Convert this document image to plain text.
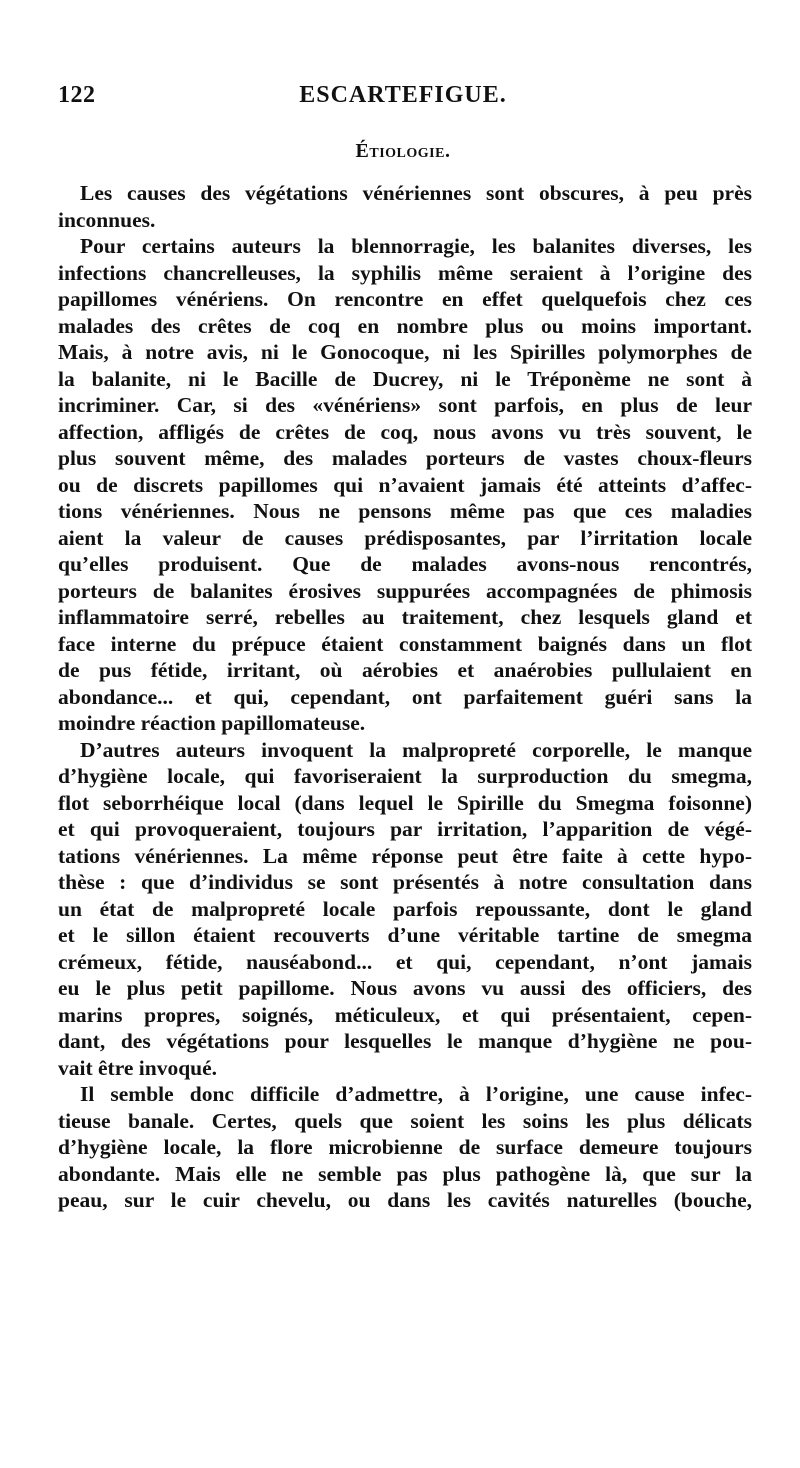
122	ESCARTEFIGUE.
Étiologie.
Les causes des végétations vénériennes sont obscures, à peu près
inconnues.
Pour certains auteurs la blennorragie, les balanites diverses, les
infections chancrelleuses, la syphilis même seraient à l’origine des
papillomes vénériens. On rencontre en effet quelquefois chez ces
malades des crêtes de coq en nombre plus ou moins important.
Mais, à notre avis, ni le Gonocoque, ni les Spirilles polymorphes de
la balanite, ni le Bacille de Ducrey, ni le Tréponème ne sont à
incriminer. Car, si des «vénériens» sont parfois, en plus de leur
affection, affligés de crêtes de coq, nous avons vu très souvent, le
plus souvent même, des malades porteurs de vastes choux-fleurs
ou de discrets papillomes qui n’avaient jamais été atteints d’affec-
tions vénériennes. Nous ne pensons même pas que ces maladies
aient la valeur de causes prédisposantes, par l’irritation locale
qu’elles produisent. Que de malades avons-nous rencontrés,
porteurs de balanites érosives suppurées accompagnées de phimosis
inflammatoire serré, rebelles au traitement, chez lesquels gland et
face interne du prépuce étaient constamment baignés dans un flot
de pus fétide, irritant, où aérobies et anaérobies pullulaient en
abondance... et qui, cependant, ont parfaitement guéri sans la
moindre réaction papillomateuse.
D’autres auteurs invoquent la malpropreté corporelle, le manque
d’hygiène locale, qui favoriseraient la surproduction du smegma,
flot seborrhéique local (dans lequel le Spirille du Smegma foisonne)
et qui provoqueraient, toujours par irritation, l’apparition de végé-
tations vénériennes. La même réponse peut être faite à cette hypo-
thèse : que d’individus se sont présentés à notre consultation dans
un état de malpropreté locale parfois repoussante, dont le gland
et le sillon étaient recouverts d’une véritable tartine de smegma
crémeux, fétide, nauséabond... et qui, cependant, n’ont jamais
eu le plus petit papillome. Nous avons vu aussi des officiers, des
marins propres, soignés, méticuleux, et qui présentaient, cepen-
dant, des végétations pour lesquelles le manque d’hygiène ne pou-
vait être invoqué.
Il semble donc difficile d’admettre, à l’origine, une cause infec-
tieuse banale. Certes, quels que soient les soins les plus délicats
d’hygiène locale, la flore microbienne de surface demeure toujours
abondante. Mais elle ne semble pas plus pathogène là, que sur la
peau, sur le cuir chevelu, ou dans les cavités naturelles (bouche,
